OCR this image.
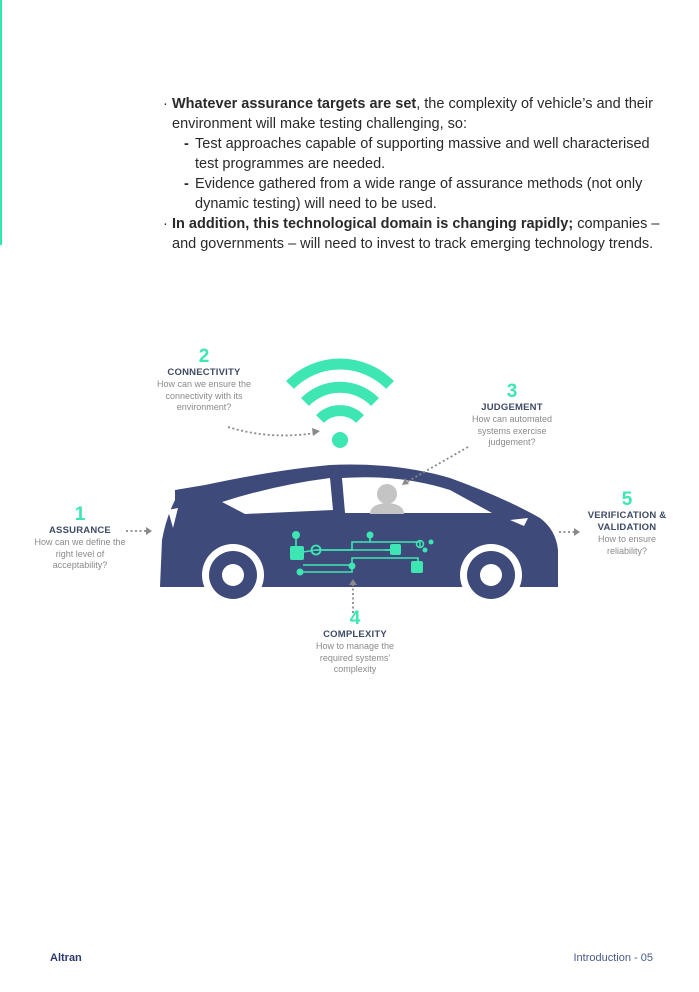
· Whatever assurance targets are set, the complexity of vehicle’s and their environment will make testing challenging, so:
- Test approaches capable of supporting massive and well characterised test programmes are needed.
- Evidence gathered from a wide range of assurance methods (not only dynamic testing) will need to be used.
· In addition, this technological domain is changing rapidly; companies – and governments – will need to invest to track emerging technology trends.
2
CONNECTIVITY
How can we ensure the connectivity with its environment?
3
JUDGEMENT
How can automated systems exercise judgement?
1
ASSURANCE
How can we define the right level of acceptability?
5
VERIFICATION & VALIDATION
How to ensure reliability?
4
COMPLEXITY
How to manage the required systems' complexity
Altran	Introduction - 05
